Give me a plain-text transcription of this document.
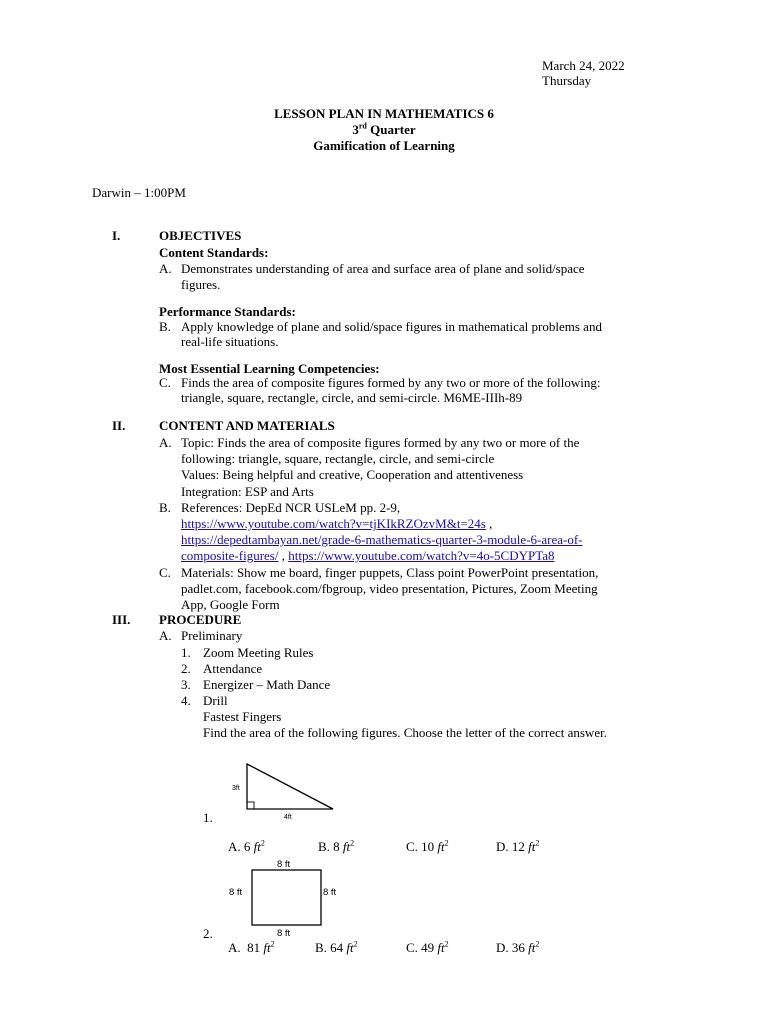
March 24, 2022
Thursday
LESSON PLAN IN MATHEMATICS 6
3rd Quarter
Gamification of Learning
Darwin – 1:00PM
I.	OBJECTIVES
Content Standards:
A. Demonstrates understanding of area and surface area of plane and solid/space
figures.
Performance Standards:
B. Apply knowledge of plane and solid/space figures in mathematical problems and
real-life situations.
Most Essential Learning Competencies:
C. Finds the area of composite figures formed by any two or more of the following:
triangle, square, rectangle, circle, and semi-circle. M6ME-IIIh-89
II.	CONTENT AND MATERIALS
A. Topic: Finds the area of composite figures formed by any two or more of the
following: triangle, square, rectangle, circle, and semi-circle
Values: Being helpful and creative, Cooperation and attentiveness
Integration: ESP and Arts
B. References: DepEd NCR USLeM pp. 2-9,
https://www.youtube.com/watch?v=tjKIkRZOzvM&t=24s ,
https://depedtambayan.net/grade-6-mathematics-quarter-3-module-6-area-of-
composite-figures/ , https://www.youtube.com/watch?v=4o-5CDYPTa8
C. Materials: Show me board, finger puppets, Class point PowerPoint presentation,
padlet.com, facebook.com/fbgroup, video presentation, Pictures, Zoom Meeting
App, Google Form
III. PROCEDURE
A. Preliminary
1. Zoom Meeting Rules
2. Attendance
3. Energizer – Math Dance
4. Drill
Fastest Fingers
Find the area of the following figures. Choose the letter of the correct answer.
3ft
4ft
1.
A. 6 $ft^2$	B. 8 $ft^2$	C. 10 $ft^2$	D. 12 $ft^2$
8 ft
8 ft	8 ft
8 ft
2.
A.  81 $ft^2$	B. 64 $ft^2$	C. 49 $ft^2$	D. 36 $ft^2$
